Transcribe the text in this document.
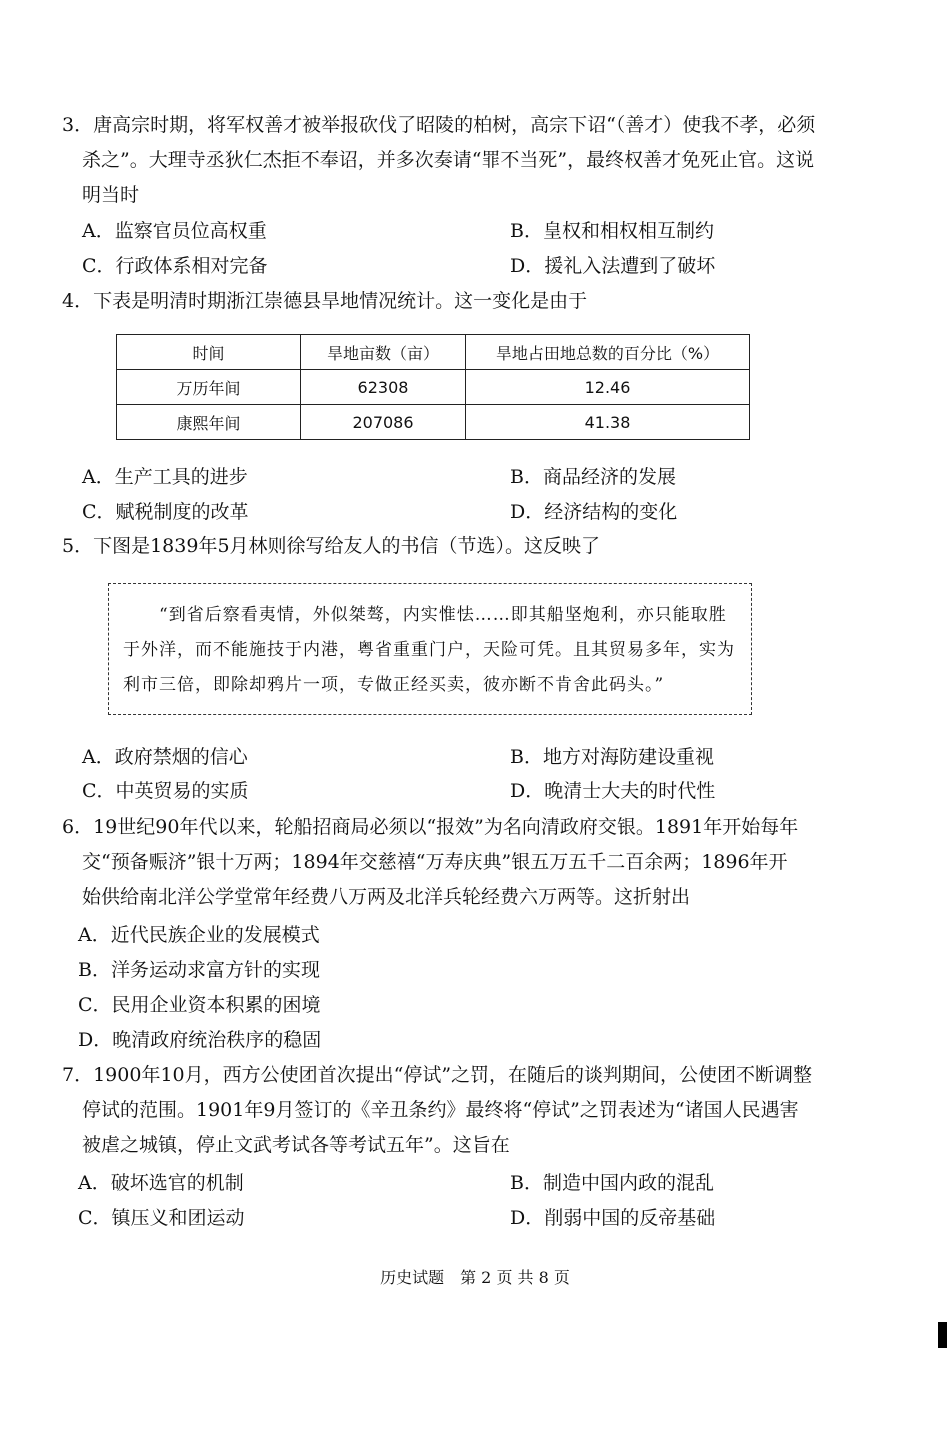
3．唐高宗时期，将军权善才被举报砍伐了昭陵的柏树，高宗下诏“（善才）使我不孝，必须
杀之”。大理寺丞狄仁杰拒不奉诏，并多次奏请“罪不当死”，最终权善才免死止官。这说
明当时
A．监察官员位高权重	B．皇权和相权相互制约
C．行政体系相对完备	D．援礼入法遭到了破坏
4．下表是明清时期浙江崇德县旱地情况统计。这一变化是由于
时间	旱地亩数（亩）	旱地占田地总数的百分比（%）
万历年间	62308	12.46
康熙年间	207086	41.38
A．生产工具的进步	B．商品经济的发展
C．赋税制度的改革	D．经济结构的变化
5．下图是1839年5月林则徐写给友人的书信（节选）。这反映了
“到省后察看夷情，外似桀骜，内实惟怯……即其船坚炮利，亦只能取胜
于外洋，而不能施技于内港，粤省重重门户，天险可凭。且其贸易多年，实为
利市三倍，即除却鸦片一项，专做正经买卖，彼亦断不肯舍此码头。”
A．政府禁烟的信心	B．地方对海防建设重视
C．中英贸易的实质	D．晚清士大夫的时代性
6．19世纪90年代以来，轮船招商局必须以“报效”为名向清政府交银。1891年开始每年
交“预备赈济”银十万两；1894年交慈禧“万寿庆典”银五万五千二百余两；1896年开
始供给南北洋公学堂常年经费八万两及北洋兵轮经费六万两等。这折射出
A．近代民族企业的发展模式
B．洋务运动求富方针的实现
C．民用企业资本积累的困境
D．晚清政府统治秩序的稳固
7．1900年10月，西方公使团首次提出“停试”之罚，在随后的谈判期间，公使团不断调整
停试的范围。1901年9月签订的《辛丑条约》最终将“停试”之罚表述为“诸国人民遇害
被虐之城镇，停止文武考试各等考试五年”。这旨在
A．破坏选官的机制	B．制造中国内政的混乱
C．镇压义和团运动	D．削弱中国的反帝基础
历史试题　第 2 页 共 8 页
